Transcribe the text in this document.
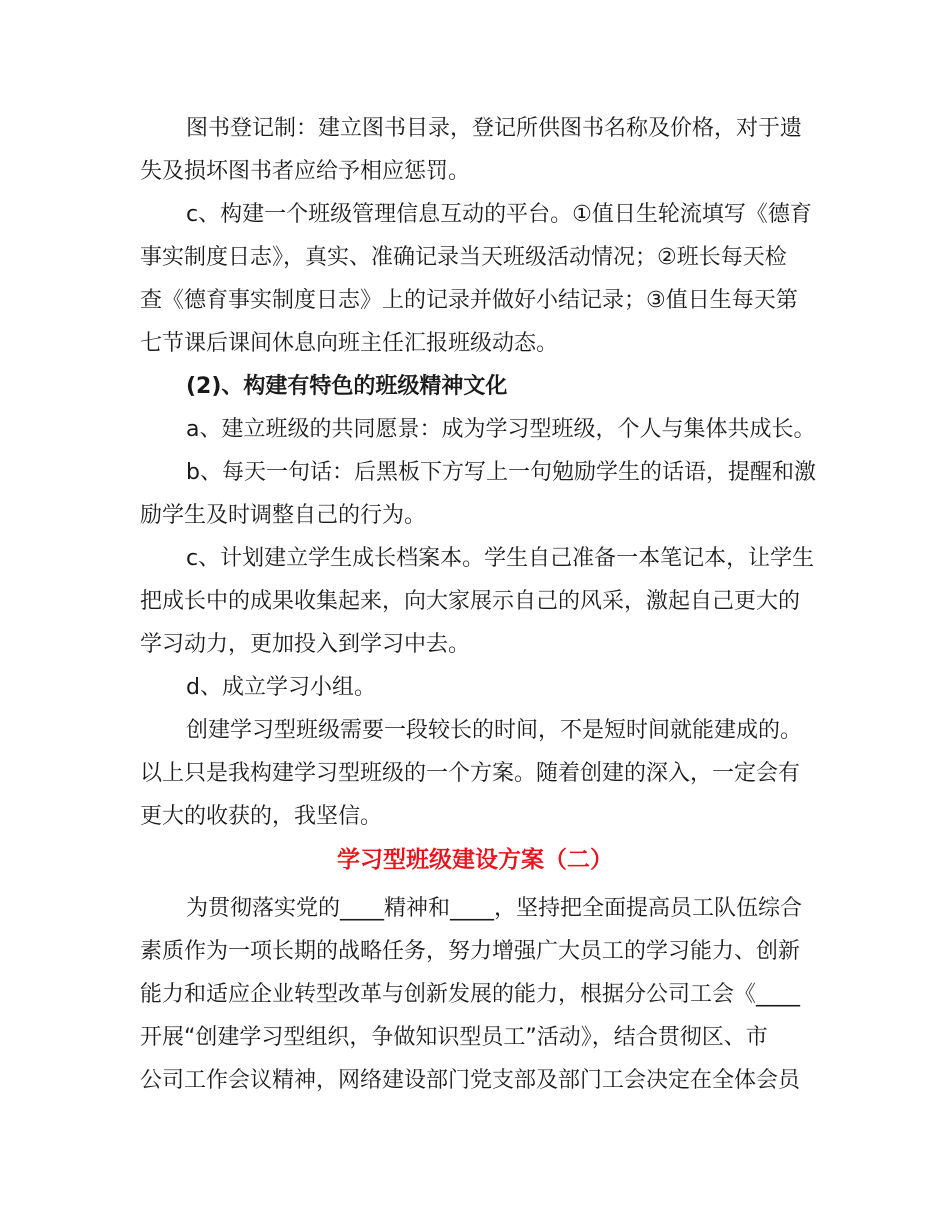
图书登记制：建立图书目录，登记所供图书名称及价格，对于遗
失及损坏图书者应给予相应惩罚。
c、构建一个班级管理信息互动的平台。①值日生轮流填写《德育
事实制度日志》，真实、准确记录当天班级活动情况；②班长每天检
查《德育事实制度日志》上的记录并做好小结记录；③值日生每天第
七节课后课间休息向班主任汇报班级动态。
(2)、构建有特色的班级精神文化
a、建立班级的共同愿景：成为学习型班级，个人与集体共成长。
b、每天一句话：后黑板下方写上一句勉励学生的话语，提醒和激
励学生及时调整自己的行为。
c、计划建立学生成长档案本。学生自己准备一本笔记本，让学生
把成长中的成果收集起来，向大家展示自己的风采，激起自己更大的
学习动力，更加投入到学习中去。
d、成立学习小组。
创建学习型班级需要一段较长的时间，不是短时间就能建成的。
以上只是我构建学习型班级的一个方案。随着创建的深入，一定会有
更大的收获的，我坚信。
学习型班级建设方案（二）
为贯彻落实党的____精神和____，坚持把全面提高员工队伍综合
素质作为一项长期的战略任务，努力增强广大员工的学习能力、创新
能力和适应企业转型改革与创新发展的能力，根据分公司工会《____
开展“创建学习型组织，争做知识型员工”活动》，结合贯彻区、市
公司工作会议精神，网络建设部门党支部及部门工会决定在全体会员
